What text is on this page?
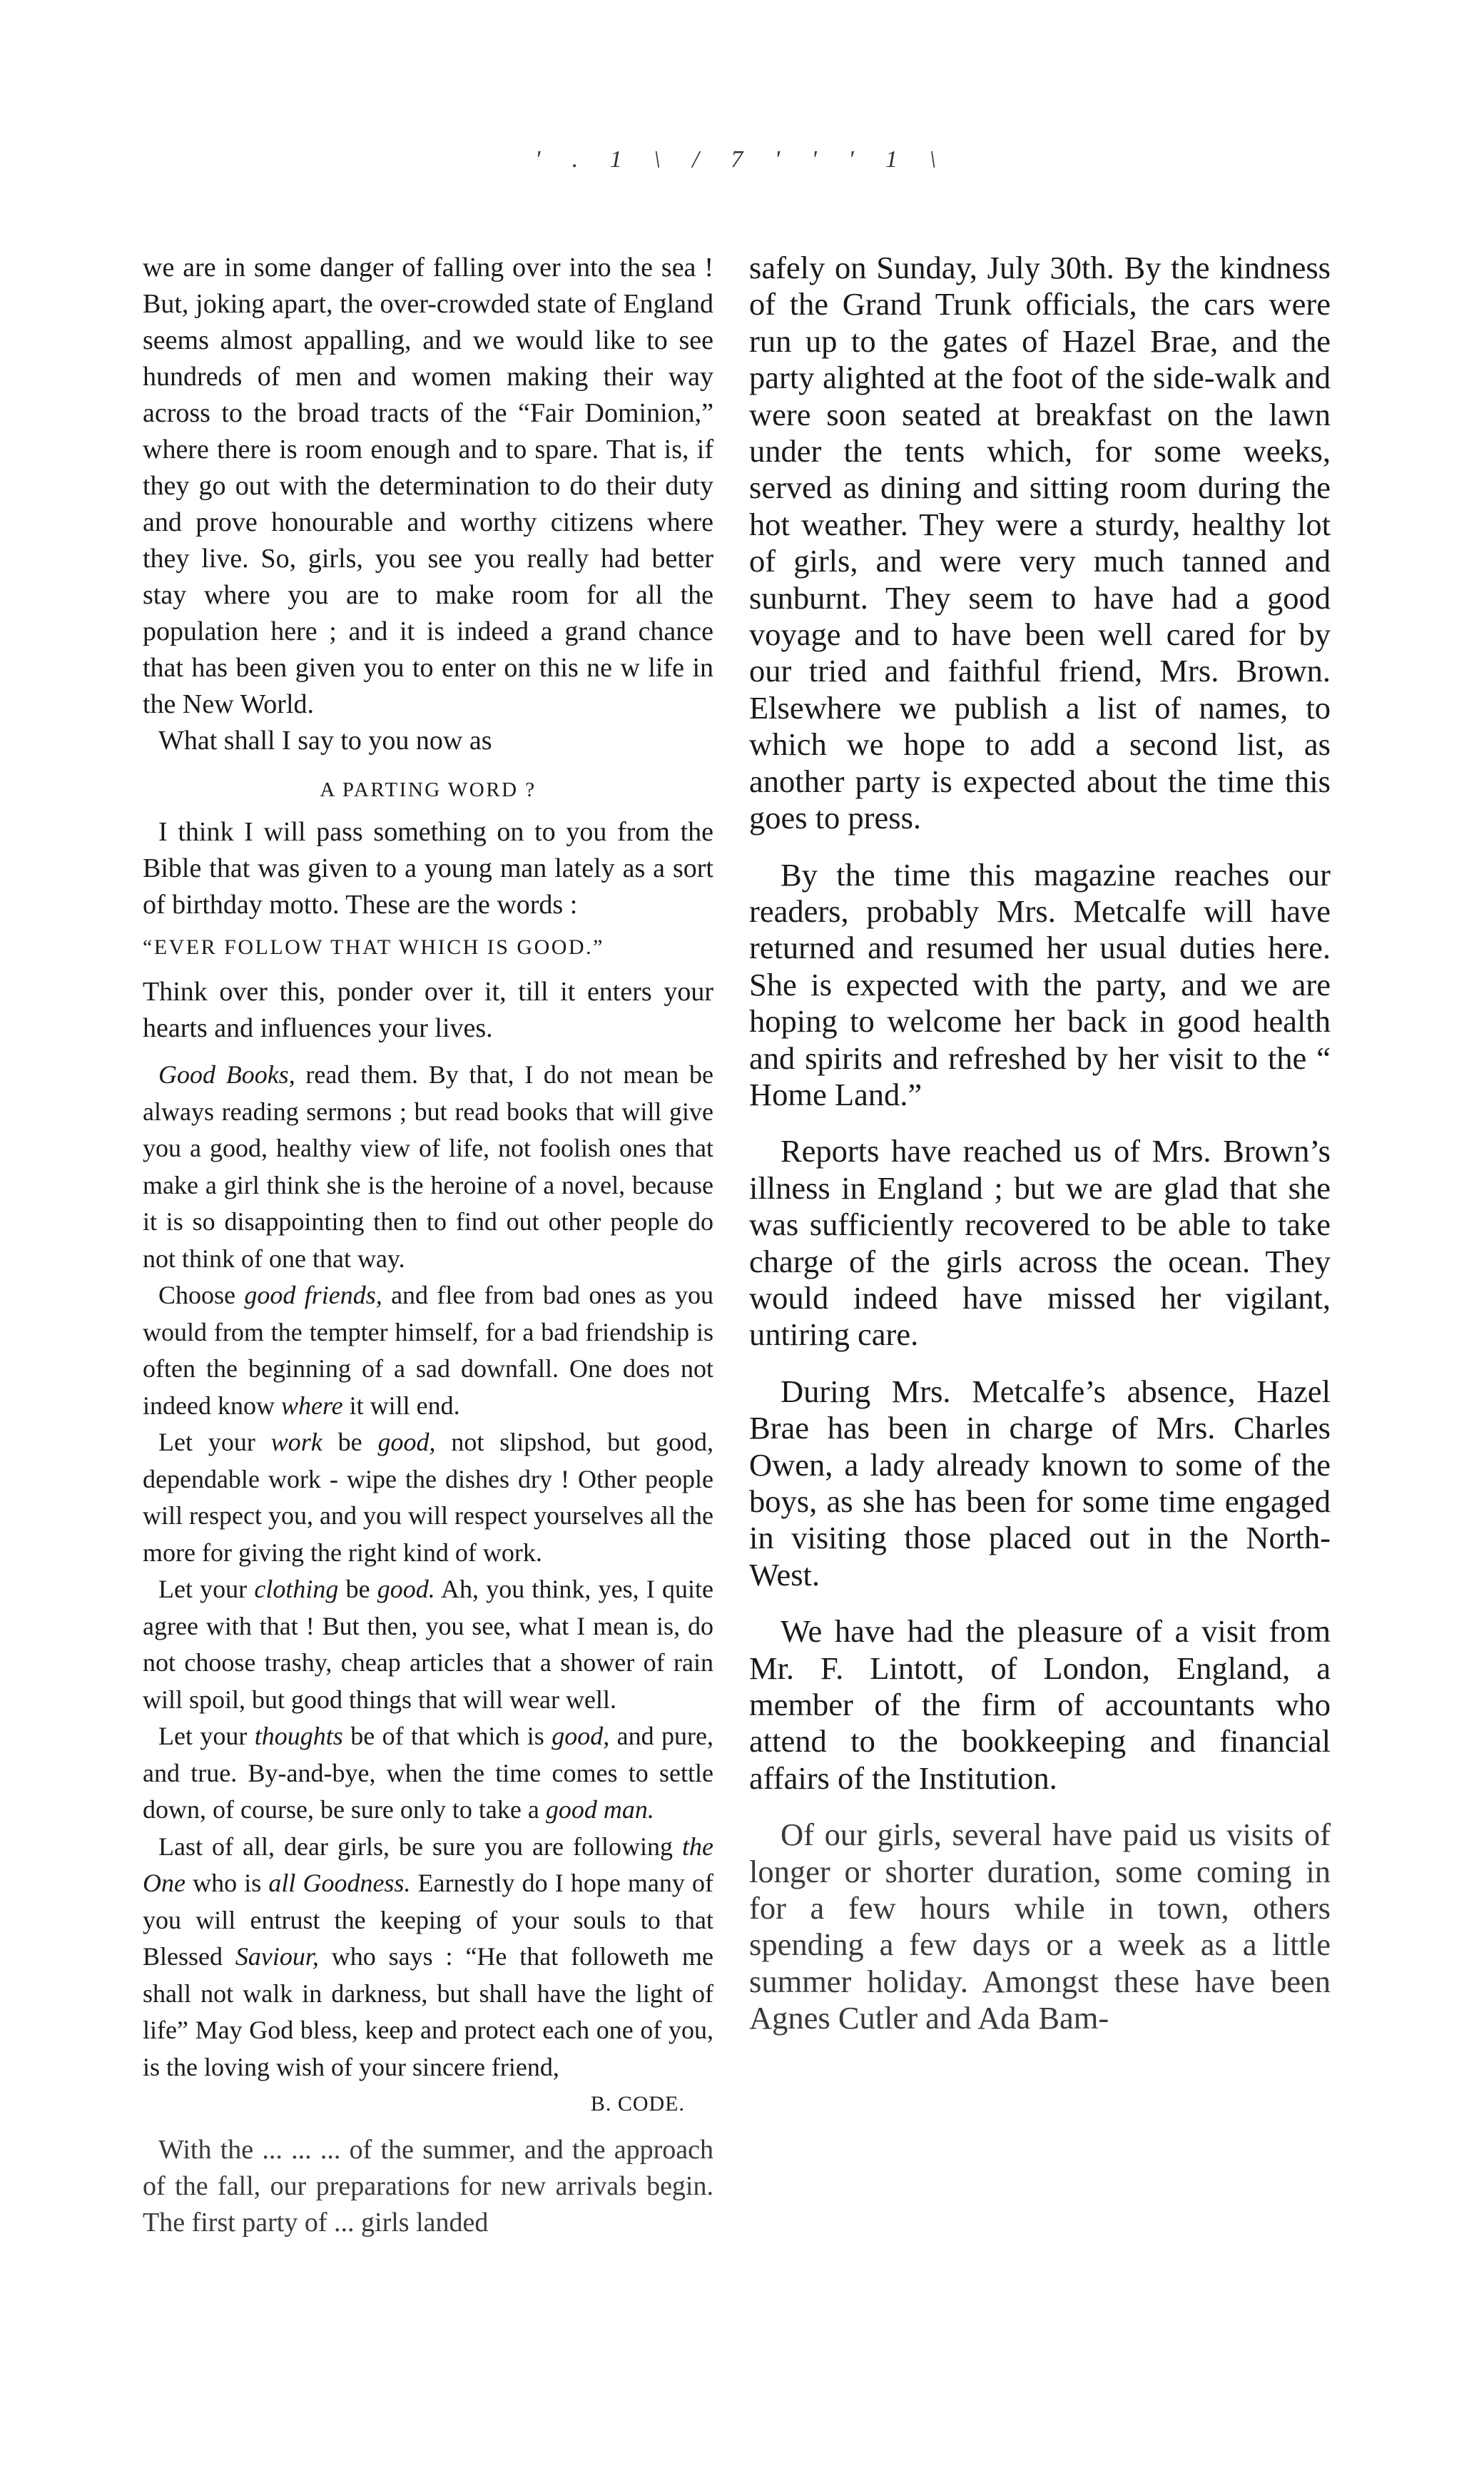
' . 1 \ / 7 ' ' ' 1 \

we are in some danger of falling over into the sea ! But, joking apart, the over-crowded state of England seems almost appalling, and we would like to see hundreds of men and women making their way across to the broad tracts of the “Fair Dominion,” where there is room enough and to spare. That is, if they go out with the determination to do their duty and prove honourable and worthy citizens where they live. So, girls, you see you really had better stay where you are to make room for all the population here ; and it is indeed a grand chance that has been given you to enter on this ne w life in the New World.

What shall I say to you now as

A PARTING WORD ?

I think I will pass something on to you from the Bible that was given to a young man lately as a sort of birthday motto. These are the words :

“EVER FOLLOW THAT WHICH IS GOOD.”

Think over this, ponder over it, till it enters your hearts and influences your lives.

Good Books, read them. By that, I do not mean be always reading sermons ; but read books that will give you a good, healthy view of life, not foolish ones that make a girl think she is the heroine of a novel, because it is so disappointing then to find out other people do not think of one that way.

Choose good friends, and flee from bad ones as you would from the tempter himself, for a bad friendship is often the beginning of a sad downfall. One does not indeed know where it will end.

Let your work be good, not slipshod, but good, dependable work - wipe the dishes dry ! Other people will respect you, and you will respect yourselves all the more for giving the right kind of work.

Let your clothing be good. Ah, you think, yes, I quite agree with that ! But then, you see, what I mean is, do not choose trashy, cheap articles that a shower of rain will spoil, but good things that will wear well.

Let your thoughts be of that which is good, and pure, and true. By-and-bye, when the time comes to settle down, of course, be sure only to take a good man.

Last of all, dear girls, be sure you are following the One who is all Goodness. Earnestly do I hope many of you will entrust the keeping of your souls to that Blessed Saviour, who says : “He that followeth me shall not walk in darkness, but shall have the light of life” May God bless, keep and protect each one of you, is the loving wish of your sincere friend,

B. CODE.

With the ... ... ... of the summer, and the approach of the fall, our preparations for new arrivals begin. The first party of ... girls landed

safely on Sunday, July 30th. By the kindness of the Grand Trunk officials, the cars were run up to the gates of Hazel Brae, and the party alighted at the foot of the side-walk and were soon seated at breakfast on the lawn under the tents which, for some weeks, served as dining and sitting room during the hot weather. They were a sturdy, healthy lot of girls, and were very much tanned and sunburnt. They seem to have had a good voyage and to have been well cared for by our tried and faithful friend, Mrs. Brown. Elsewhere we publish a list of names, to which we hope to add a second list, as another party is expected about the time this goes to press.

By the time this magazine reaches our readers, probably Mrs. Metcalfe will have returned and resumed her usual duties here. She is expected with the party, and we are hoping to welcome her back in good health and spirits and refreshed by her visit to the “ Home Land.”

Reports have reached us of Mrs. Brown’s illness in England ; but we are glad that she was sufficiently recovered to be able to take charge of the girls across the ocean. They would indeed have missed her vigilant, untiring care.

During Mrs. Metcalfe’s absence, Hazel Brae has been in charge of Mrs. Charles Owen, a lady already known to some of the boys, as she has been for some time engaged in visiting those placed out in the North-West.

We have had the pleasure of a visit from Mr. F. Lintott, of London, England, a member of the firm of accountants who attend to the bookkeeping and financial affairs of the Institution.

Of our girls, several have paid us visits of longer or shorter duration, some coming in for a few hours while in town, others spending a few days or a week as a little summer holiday. Amongst these have been Agnes Cutler and Ada Bam-
